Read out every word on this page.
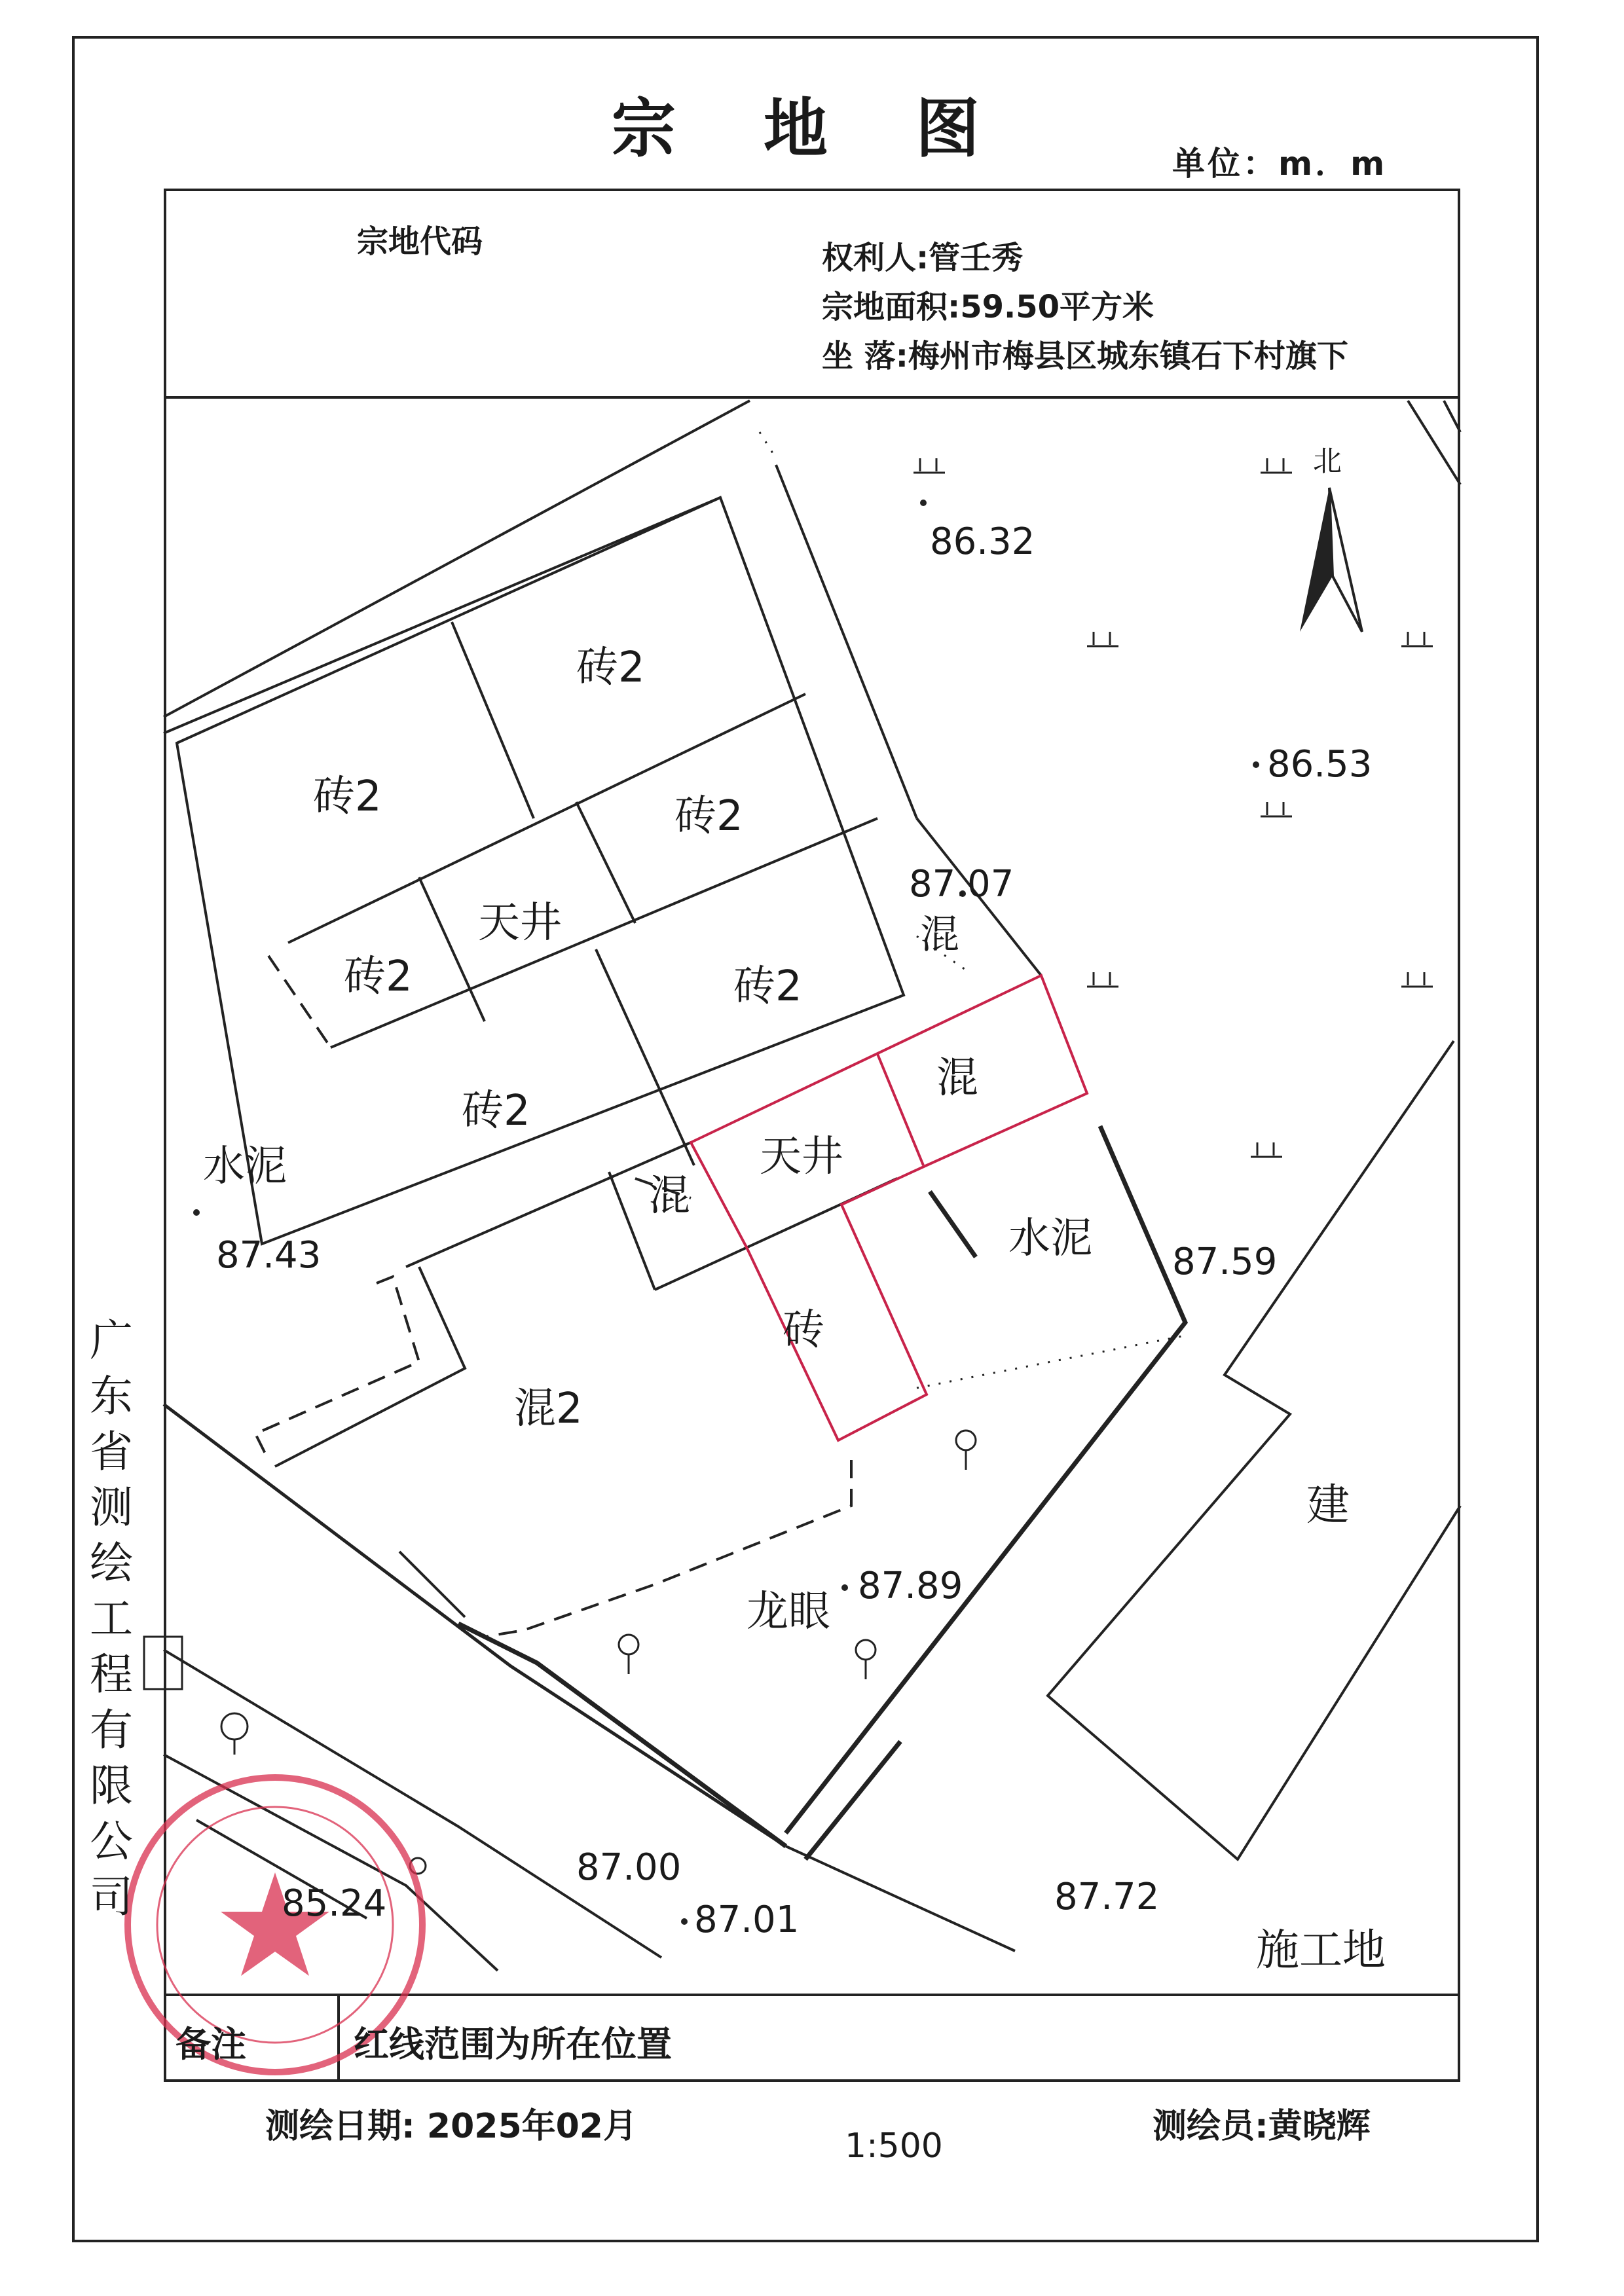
宗 地 图	单位：m．m
宗地代码	权利人:管壬秀
宗地面积:59.50平方米
坐 落:梅州市梅县区城东镇石下村旗下
砖2
砖2	砖2
砖2	砖2
砖2
天井
天井
混
混
混
混2
砖
水泥
水泥
龙眼
建
施工地
北
86.32
86.53
87.07
87.43	87.59
87.89
87.00
87.01
87.72
85.24
广
东
省
测
绘
工
程
有
限
公
司
备注	红线范围为所在位置
测绘日期: 2025年02月	测绘员:黄晓辉
1:500
